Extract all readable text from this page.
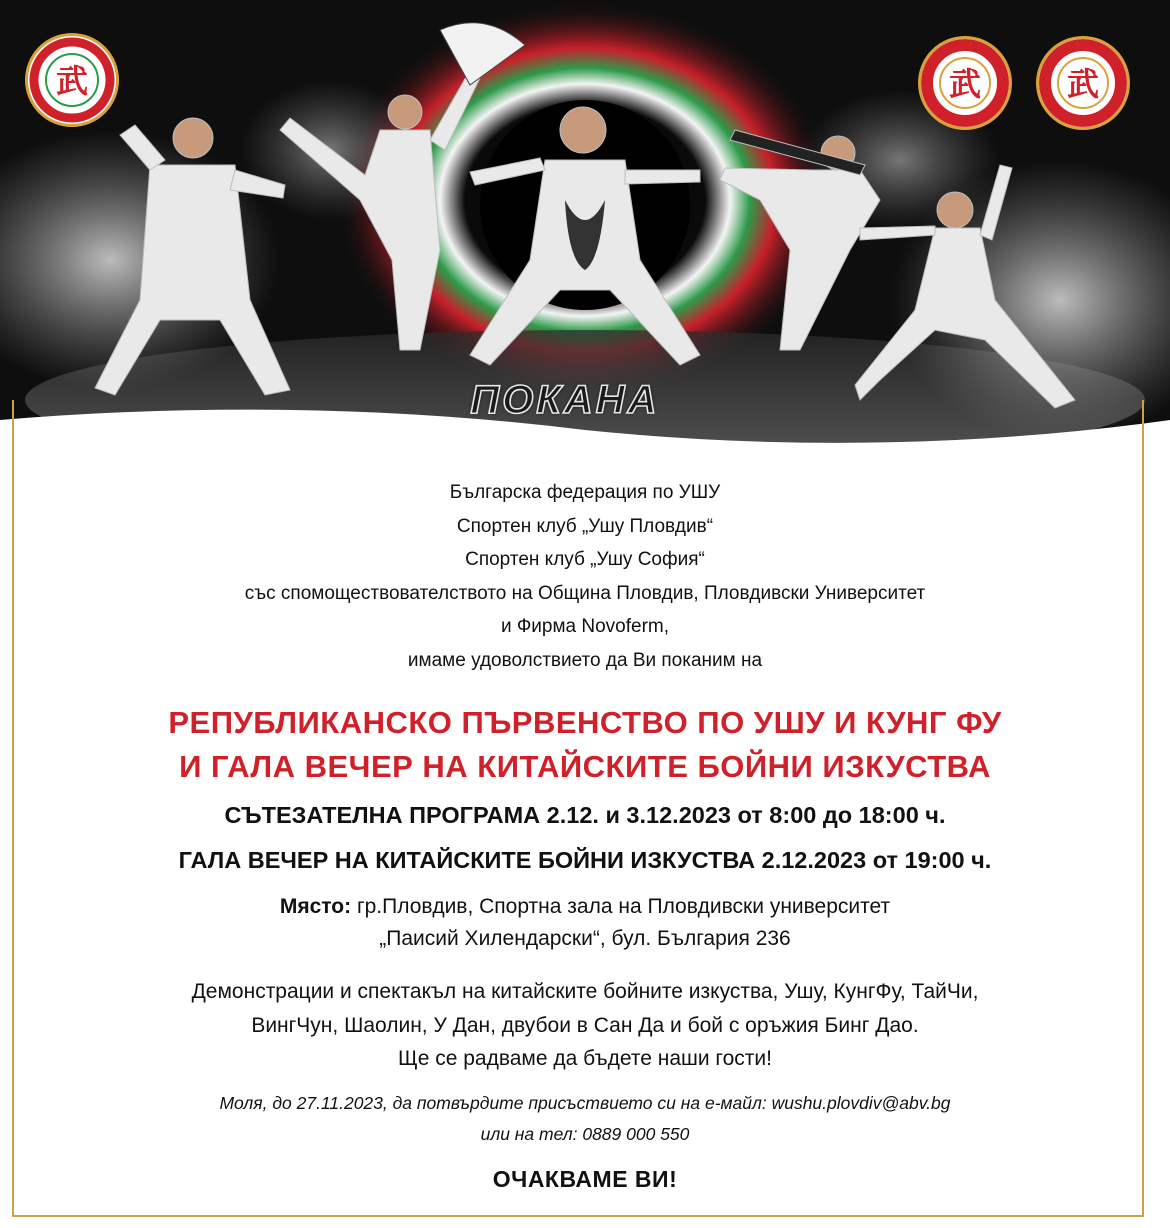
武	武	武
ПОКАНА
Българска федерация по УШУ
Спортен клуб „Ушу Пловдив“
Спортен клуб „Ушу София“
със спомоществователството на Община Пловдив, Пловдивски Университет
и Фирма Novoferm,
имаме удоволствието да Ви поканим на
РЕПУБЛИКАНСКО ПЪРВЕНСТВО ПО УШУ И КУНГ ФУ
И ГАЛА ВЕЧЕР НА КИТАЙСКИТЕ БОЙНИ ИЗКУСТВА
СЪТЕЗАТЕЛНА ПРОГРАМА 2.12. и 3.12.2023 от 8:00 до 18:00 ч.
ГАЛА ВЕЧЕР НА КИТАЙСКИТЕ БОЙНИ ИЗКУСТВА 2.12.2023 от 19:00 ч.
Място: гр.Пловдив, Спортна зала на Пловдивски университет
„Паисий Хилендарски“, бул. България 236
Демонстрации и спектакъл на китайските бойните изкуства, Ушу, КунгФу, ТайЧи,
ВингЧун, Шаолин, У Дан, двубои в Сан Да и бой с оръжия Бинг Дао.
Ще се радваме да бъдете наши гости!
Моля, до 27.11.2023, да потвърдите присъствието си на е-майл: wushu.plovdiv@abv.bg
или на тел: 0889 000 550
ОЧАКВАМЕ ВИ!
